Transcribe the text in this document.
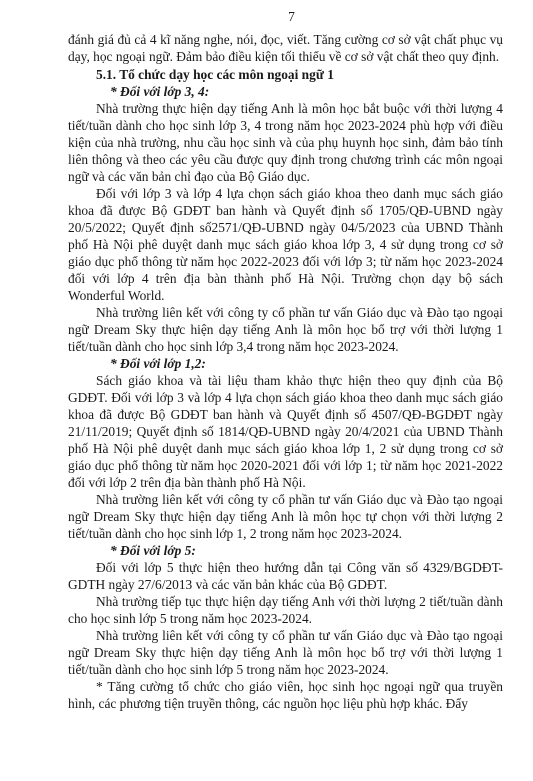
7

đánh giá đủ cả 4 kĩ năng nghe, nói, đọc, viết. Tăng cường cơ sở vật chất phục vụ dạy, học ngoại ngữ. Đảm bảo điều kiện tối thiểu về cơ sở vật chất theo quy định.

5.1. Tổ chức dạy học các môn ngoại ngữ 1

* Đối với lớp 3, 4:

Nhà trường thực hiện dạy tiếng Anh là môn học bắt buộc với thời lượng 4 tiết/tuần dành cho học sinh lớp 3, 4 trong năm học 2023-2024 phù hợp với điều kiện của nhà trường, nhu cầu học sinh và của phụ huynh học sinh, đảm bảo tính liên thông và theo các yêu cầu được quy định trong chương trình các môn ngoại ngữ và các văn bản chỉ đạo của Bộ Giáo dục.

Đối với lớp 3 và lớp 4 lựa chọn sách giáo khoa theo danh mục sách giáo khoa đã được Bộ GDĐT ban hành và Quyết định số 1705/QĐ-UBND ngày 20/5/2022; Quyết định số2571/QĐ-UBND ngày 04/5/2023 của UBND Thành phố Hà Nội phê duyệt danh mục sách giáo khoa lớp 3, 4 sử dụng trong cơ sở giáo dục phổ thông từ năm học 2022-2023 đối với lớp 3; từ năm học 2023-2024 đối với lớp 4 trên địa bàn thành phố Hà Nội. Trường chọn dạy bộ sách Wonderful World.

Nhà trường liên kết với công ty cổ phần tư vấn Giáo dục và Đào tạo ngoại ngữ Dream Sky thực hiện dạy tiếng Anh là môn học bổ trợ với thời lượng 1 tiết/tuần dành cho học sinh lớp 3,4 trong năm học 2023-2024.

* Đối với lớp 1,2:

Sách giáo khoa và tài liệu tham khảo thực hiện theo quy định của Bộ GDĐT. Đối với lớp 3 và lớp 4 lựa chọn sách giáo khoa theo danh mục sách giáo khoa đã được Bộ GDĐT ban hành và Quyết định số 4507/QĐ-BGDĐT ngày 21/11/2019; Quyết định số 1814/QĐ-UBND ngày 20/4/2021 của UBND Thành phố Hà Nội phê duyệt danh mục sách giáo khoa lớp 1, 2 sử dụng trong cơ sở giáo dục phổ thông từ năm học 2020-2021 đối với lớp 1; từ năm học 2021-2022 đối với lớp 2 trên địa bàn thành phố Hà Nội.

Nhà trường liên kết với công ty cổ phần tư vấn Giáo dục và Đào tạo ngoại ngữ Dream Sky thực hiện dạy tiếng Anh là môn học tự chọn với thời lượng 2 tiết/tuần dành cho học sinh lớp 1, 2 trong năm học 2023-2024.

* Đối với lớp 5:

Đối với lớp 5 thực hiện theo hướng dẫn tại Công văn số 4329/BGDĐT-GDTH ngày 27/6/2013 và các văn bản khác của Bộ GDĐT.

Nhà trường tiếp tục thực hiện dạy tiếng Anh với thời lượng 2 tiết/tuần dành cho học sinh lớp 5 trong năm học 2023-2024.

Nhà trường liên kết với công ty cổ phần tư vấn Giáo dục và Đào tạo ngoại ngữ Dream Sky thực hiện dạy tiếng Anh là môn học bổ trợ với thời lượng 1 tiết/tuần dành cho học sinh lớp 5 trong năm học 2023-2024.

* Tăng cường tổ chức cho giáo viên, học sinh học ngoại ngữ qua truyền hình, các phương tiện truyền thông, các nguồn học liệu phù hợp khác. Đẩy
